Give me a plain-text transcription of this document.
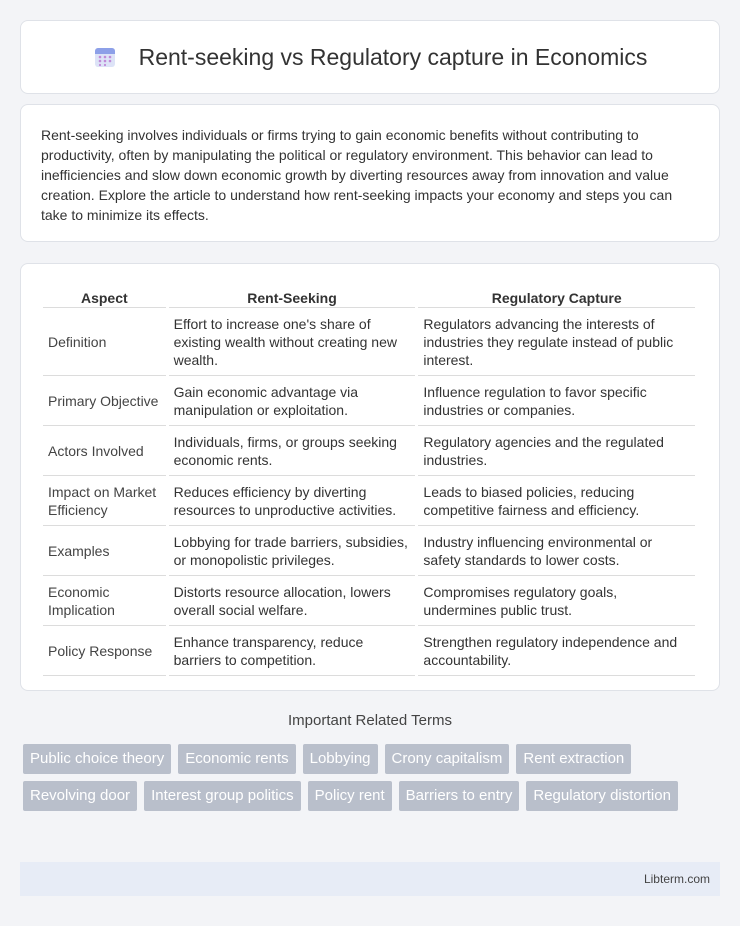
Rent-seeking vs Regulatory capture in Economics

Rent-seeking involves individuals or firms trying to gain economic benefits without contributing to productivity, often by manipulating the political or regulatory environment. This behavior can lead to inefficiencies and slow down economic growth by diverting resources away from innovation and value creation. Explore the article to understand how rent-seeking impacts your economy and steps you can take to minimize its effects.

Aspect	Rent-Seeking	Regulatory Capture
Definition	Effort to increase one's share of existing wealth without creating new wealth.	Regulators advancing the interests of industries they regulate instead of public interest.
Primary Objective	Gain economic advantage via manipulation or exploitation.	Influence regulation to favor specific industries or companies.
Actors Involved	Individuals, firms, or groups seeking economic rents.	Regulatory agencies and the regulated industries.
Impact on Market Efficiency	Reduces efficiency by diverting resources to unproductive activities.	Leads to biased policies, reducing competitive fairness and efficiency.
Examples	Lobbying for trade barriers, subsidies, or monopolistic privileges.	Industry influencing environmental or safety standards to lower costs.
Economic Implication	Distorts resource allocation, lowers overall social welfare.	Compromises regulatory goals, undermines public trust.
Policy Response	Enhance transparency, reduce barriers to competition.	Strengthen regulatory independence and accountability.
Important Related Terms
Public choice theory	Economic rents	Lobbying	Crony capitalism	Rent extraction
Revolving door	Interest group politics	Policy rent	Barriers to entry	Regulatory distortion
Libterm.com
